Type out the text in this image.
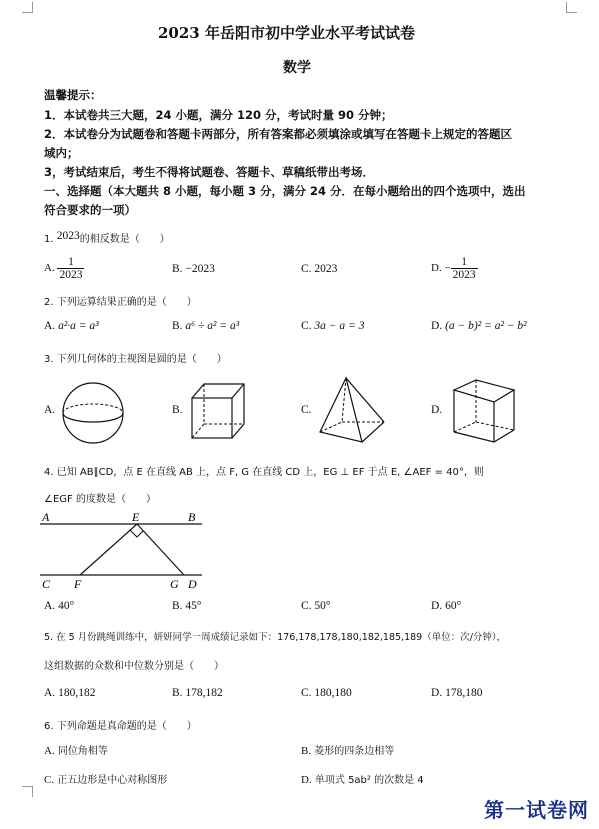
2023 年岳阳市初中学业水平考试试卷
数学
温馨提示：
1．本试卷共三大题，24 小题，满分 120 分，考试时量 90 分钟；
2．本试卷分为试题卷和答题卡两部分，所有答案都必须填涂或填写在答题卡上规定的答题区
域内；
3，考试结束后，考生不得将试题卷、答题卡、草稿纸带出考场．
一、选择题（本大题共 8 小题，每小题 3 分，满分 24 分．在每小题给出的四个选项中，选出
符合要求的一项）
1. 2023的相反数是（　　）
A. $\frac{1}{2023}$	B. −2023	C. 2023	D. − $\frac{1}{2023}$
2. 下列运算结果正确的是（　　）
A. a²·a = a³	B. a⁶ ÷ a² = a³	C. 3a − a = 3	D. (a − b)² = a² − b²
3. 下列几何体的主视图是圆的是（　　）
A.	B.	C.	D.
4. 已知 AB∥CD，点 E 在直线 AB 上，点 F, G 在直线 CD 上，EG ⊥ EF 于点 E, ∠AEF = 40°，则
∠EGF 的度数是（　　）
A	E	B
C F	G D
A. 40°	B. 45°	C. 50°	D. 60°
5. 在 5 月份跳绳训练中，妍妍同学一周成绩记录如下：176,178,178,180,182,185,189（单位：次/分钟），
这组数据的众数和中位数分别是（　　）
A. 180,182	B. 178,182	C. 180,180	D. 178,180
6. 下列命题是真命题的是（　　）
A. 同位角相等	B. 菱形的四条边相等
C. 正五边形是中心对称图形	D. 单项式 5ab² 的次数是 4
第一试卷网
